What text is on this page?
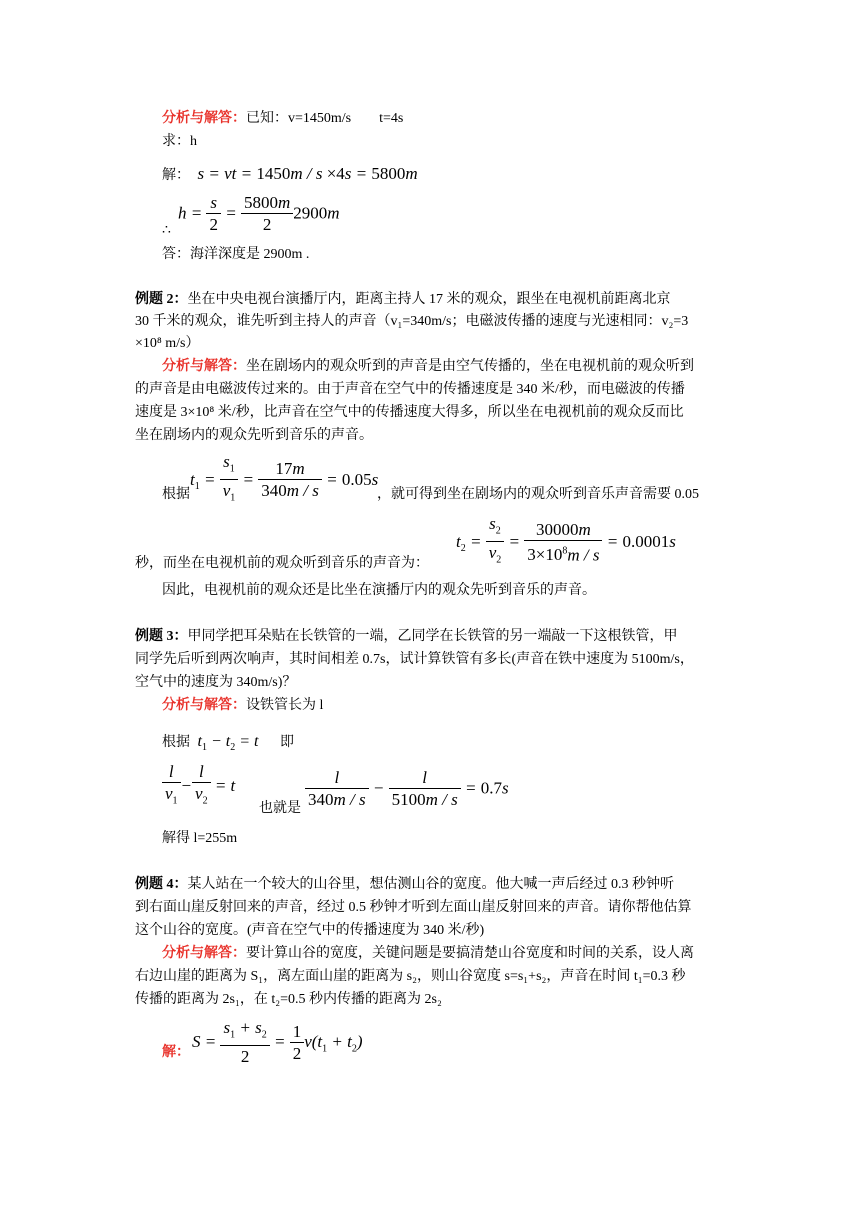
分析与解答：已知：v=1450m/s t=4s
求：h
解： s = vt = 1450m / s ×4s = 5800m
∴
$h = \frac{s}{2} = \frac{5800m}{2} 2900m$
答：海洋深度是 2900m .
例题 2：坐在中央电视台演播厅内，距离主持人 17 米的观众，跟坐在电视机前距离北京
30 千米的观众，谁先听到主持人的声音（v₁=340m/s；电磁波传播的速度与光速相同：v₂=3
×10⁸ m/s）
分析与解答：坐在剧场内的观众听到的声音是由空气传播的，坐在电视机前的观众听到
的声音是由电磁波传过来的。由于声音在空气中的传播速度是 340 米/秒，而电磁波的传播
速度是 3×10⁸ 米/秒，比声音在空气中的传播速度大得多，所以坐在电视机前的观众反而比
坐在剧场内的观众先听到音乐的声音。
$t_1 = \frac{s_1}{v_1} = \frac{17m}{340m / s} = 0.05s$
根据	，就可得到坐在剧场内的观众听到音乐声音需要 0.05
$t_2 = \frac{s_2}{v_2} = \frac{30000m}{3\times 10^8m / s} = 0.0001s$
秒，而坐在电视机前的观众听到音乐的声音为：
因此，电视机前的观众还是比坐在演播厅内的观众先听到音乐的声音。
例题 3：甲同学把耳朵贴在长铁管的一端，乙同学在长铁管的另一端敲一下这根铁管，甲
同学先后听到两次响声，其时间相差 0.7s，试计算铁管有多长(声音在铁中速度为 5100m/s，
空气中的速度为 340m/s)？
分析与解答：设铁管长为 l
根据 $t_1 - t_2 = t$ 即
$\frac{l}{v_1} - \frac{l}{v_2} = t$
也就是 $\frac{l}{340m / s} - \frac{l}{5100m / s} = 0.7s$
解得 l=255m
例题 4：某人站在一个较大的山谷里，想估测山谷的宽度。他大喊一声后经过 0.3 秒钟听
到右面山崖反射回来的声音，经过 0.5 秒钟才听到左面山崖反射回来的声音。请你帮他估算
这个山谷的宽度。(声音在空气中的传播速度为 340 米/秒)
分析与解答：要计算山谷的宽度，关键问题是要搞清楚山谷宽度和时间的关系，设人离
右边山崖的距离为 S₁，离左面山崖的距离为 s₂，则山谷宽度 s=s₁+s₂，声音在时间 t₁=0.3 秒
传播的距离为 2s₁，在 t₂=0.5 秒内传播的距离为 2s₂
解：
$S = \frac{s_1 + s_2}{2} = \frac{1}{2} v(t_1 + t_2)$
